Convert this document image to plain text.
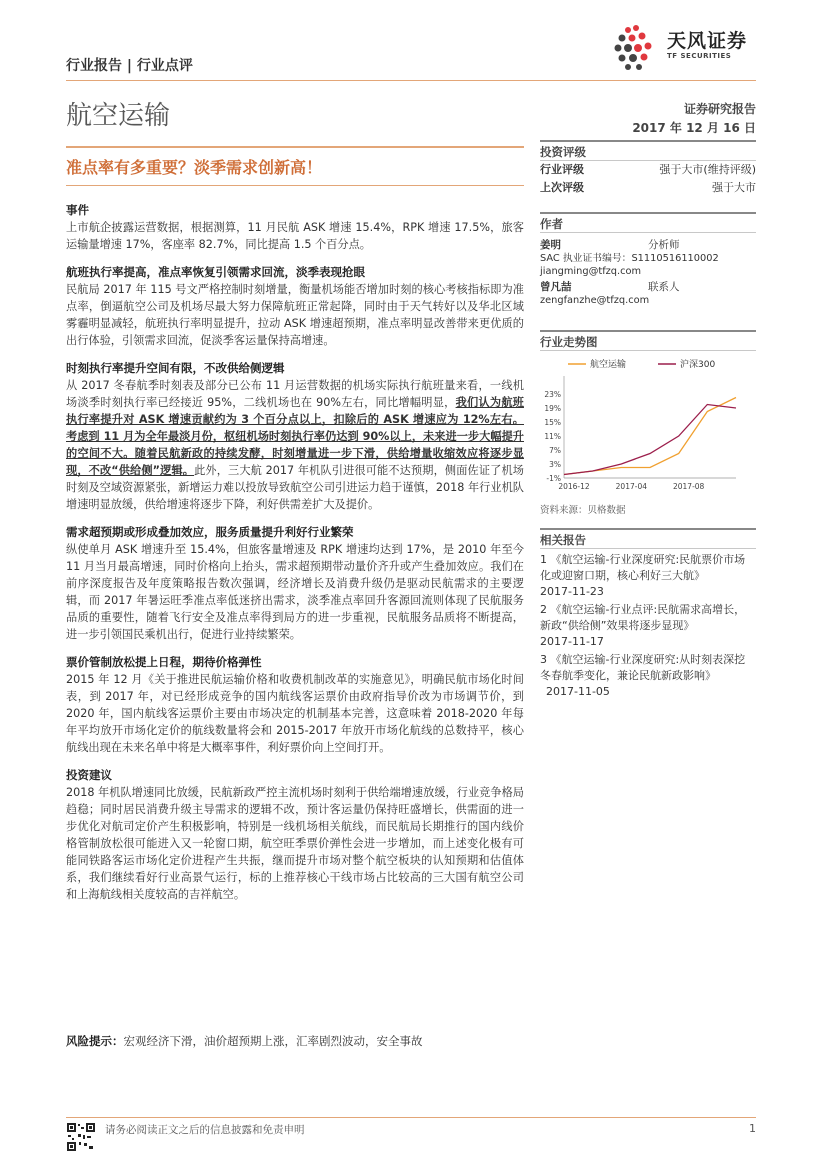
行业报告 | 行业点评
天风证券
TF SECURITIES
航空运输	证券研究报告
2017 年 12 月 16 日
准点率有多重要？淡季需求创新高！
事件

上市航企披露运营数据，根据测算，11 月民航 ASK 增速 15.4%，RPK 增速 17.5%，旅客运输量增速 17%，客座率 82.7%，同比提高 1.5 个百分点。

航班执行率提高，准点率恢复引领需求回流，淡季表现抢眼

民航局 2017 年 115 号文严格控制时刻增量，衡量机场能否增加时刻的核心考核指标即为准点率，倒逼航空公司及机场尽最大努力保障航班正常起降，同时由于天气转好以及华北区域雾霾明显减轻，航班执行率明显提升，拉动 ASK 增速超预期，准点率明显改善带来更优质的出行体验，引领需求回流，促淡季客运量保持高增速。

时刻执行率提升空间有限，不改供给侧逻辑

从 2017 冬春航季时刻表及部分已公布 11 月运营数据的机场实际执行航班量来看，一线机场淡季时刻执行率已经接近 95%，二线机场也在 90%左右，同比增幅明显，我们认为航班执行率提升对 ASK 增速贡献约为 3 个百分点以上，扣除后的 ASK 增速应为 12%左右。考虑到 11 月为全年最淡月份，枢纽机场时刻执行率仍达到 90%以上，未来进一步大幅提升的空间不大。随着民航新政的持续发酵，时刻增量进一步下滑，供给增量收缩效应将逐步显现，不改“供给侧”逻辑。此外，三大航 2017 年机队引进很可能不达预期，侧面佐证了机场时刻及空域资源紧张，新增运力难以投放导致航空公司引进运力趋于谨慎，2018 年行业机队增速明显放缓，供给增速将逐步下降，利好供需差扩大及提价。

需求超预期或形成叠加效应，服务质量提升利好行业繁荣

纵使单月 ASK 增速升至 15.4%，但旅客量增速及 RPK 增速均达到 17%，是 2010 年至今 11 月当月最高增速，同时价格向上抬头，需求超预期带动量价齐升或产生叠加效应。我们在前序深度报告及年度策略报告数次强调，经济增长及消费升级仍是驱动民航需求的主要逻辑，而 2017 年暑运旺季准点率低迷挤出需求，淡季准点率回升客源回流则体现了民航服务品质的重要性，随着飞行安全及准点率得到局方的进一步重视，民航服务品质将不断提高，进一步引领国民乘机出行，促进行业持续繁荣。

票价管制放松提上日程，期待价格弹性

2015 年 12 月《关于推进民航运输价格和收费机制改革的实施意见》，明确民航市场化时间表，到 2017 年，对已经形成竞争的国内航线客运票价由政府指导价改为市场调节价，到 2020 年，国内航线客运票价主要由市场决定的机制基本完善，这意味着 2018-2020 年每年平均放开市场化定价的航线数量将会和 2015-2017 年放开市场化航线的总数持平，核心航线出现在未来名单中将是大概率事件，利好票价向上空间打开。

投资建议

2018 年机队增速同比放缓，民航新政严控主流机场时刻利于供给端增速放缓，行业竞争格局趋稳；同时居民消费升级主导需求的逻辑不改，预计客运量仍保持旺盛增长，供需面的进一步优化对航司定价产生积极影响，特别是一线机场相关航线，而民航局长期推行的国内线价格管制放松很可能进入又一轮窗口期，航空旺季票价弹性会进一步增加，而上述变化极有可能同铁路客运市场化定价进程产生共振，继而提升市场对整个航空板块的认知预期和估值体系，我们继续看好行业高景气运行，标的上推荐核心干线市场占比较高的三大国有航空公司和上海航线相关度较高的吉祥航空。

风险提示：宏观经济下滑，油价超预期上涨，汇率剧烈波动，安全事故
投资评级
行业评级	强于大市(维持评级)
上次评级	强于大市
作者
姜明	分析师
SAC 执业证书编号：S1110516110002
jiangming@tfzq.com
曾凡喆	联系人
zengfanzhe@tfzq.com
行业走势图
航空运输	沪深300
-1%
3%
7%
11%
15%
19%
23%
2016-12	2017-04	2017-08
资料来源：贝格数据
相关报告
1 《航空运输-行业深度研究:民航票价市场化或迎窗口期，核心利好三大航》
2017-11-23
2 《航空运输-行业点评:民航需求高增长，新政“供给侧”效果将逐步显现》
2017-11-17
3 《航空运输-行业深度研究:从时刻表深挖冬春航季变化，兼论民航新政影响》 2017-11-05
请务必阅读正文之后的信息披露和免责申明	1
